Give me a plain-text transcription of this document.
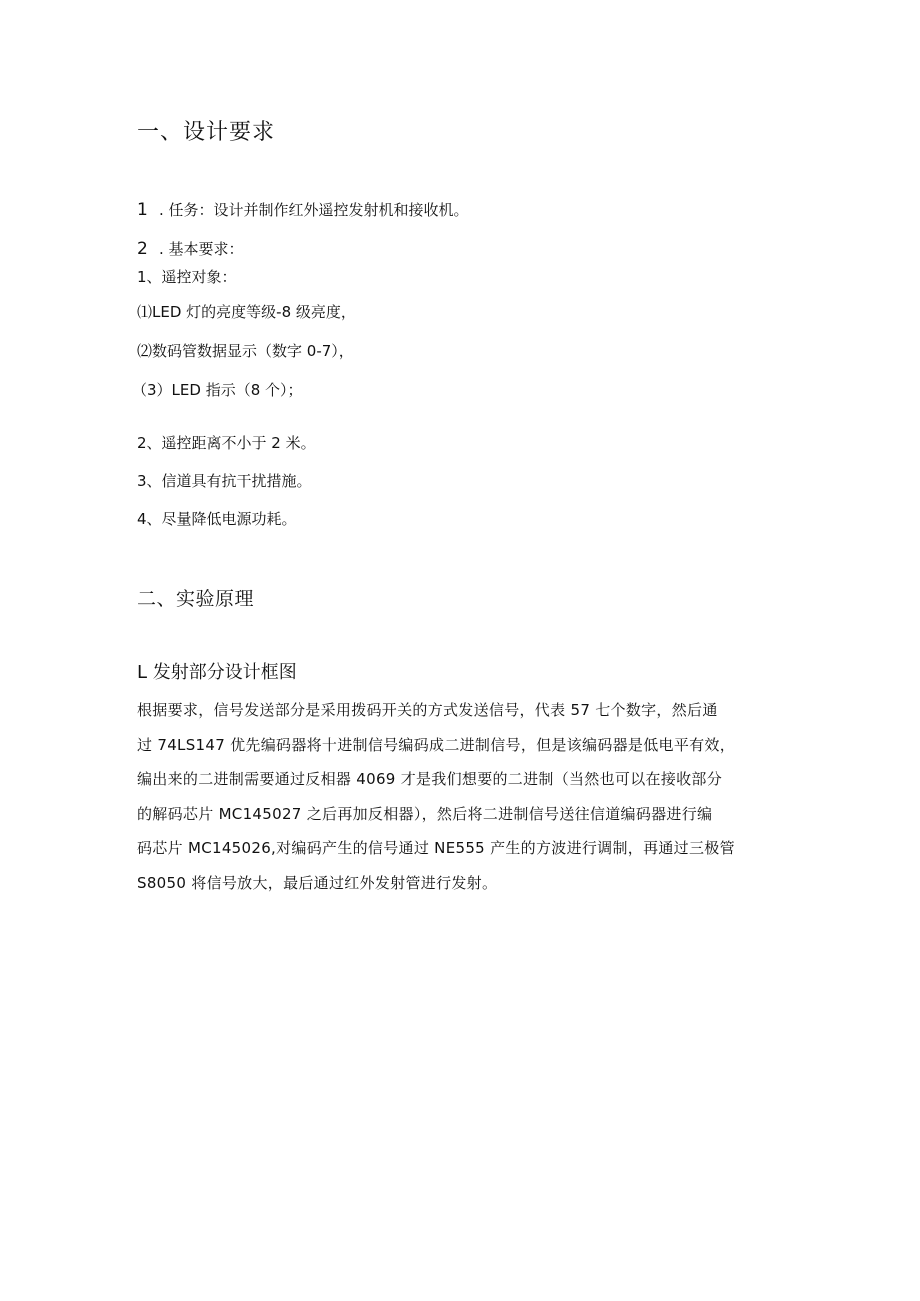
一、设计要求
1 . 任务：设计并制作红外遥控发射机和接收机。
2 . 基本要求：
1、遥控对象：
⑴LED 灯的亮度等级-8 级亮度，
⑵数码管数据显示（数字 0-7），
（3）LED 指示（8 个）；
2、遥控距离不小于 2 米。
3、信道具有抗干扰措施。
4、尽量降低电源功耗。
二、实验原理
L 发射部分设计框图
根据要求，信号发送部分是采用拨码开关的方式发送信号，代表 57 七个数字，然后通
过 74LS147 优先编码器将十进制信号编码成二进制信号，但是该编码器是低电平有效，
编出来的二进制需要通过反相器 4069 才是我们想要的二进制（当然也可以在接收部分
的解码芯片 MC145027 之后再加反相器），然后将二进制信号送往信道编码器进行编
码芯片 MC145026,对编码产生的信号通过 NE555 产生的方波进行调制，再通过三极管
S8050 将信号放大，最后通过红外发射管进行发射。
